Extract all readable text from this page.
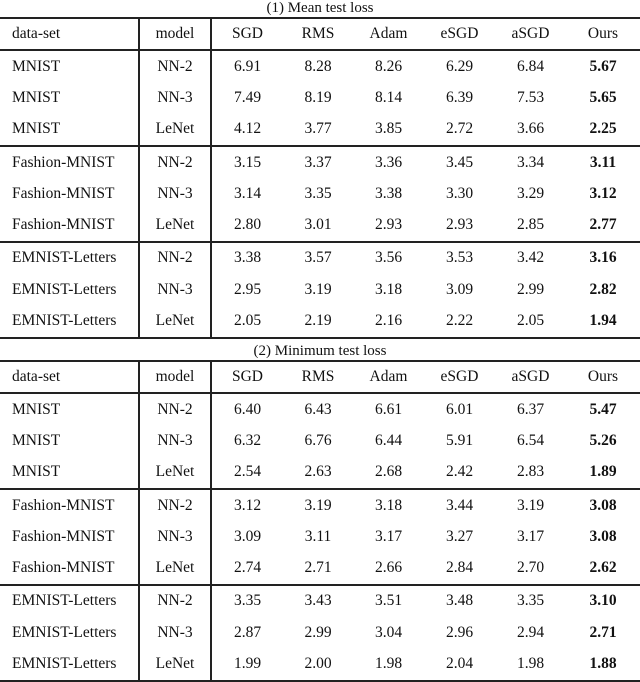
(1) Mean test loss
data-set	model	SGD	RMS	Adam	eSGD	aSGD	Ours
MNIST	NN-2	6.91	8.28	8.26	6.29	6.84	5.67
MNIST	NN-3	7.49	8.19	8.14	6.39	7.53	5.65
MNIST	LeNet	4.12	3.77	3.85	2.72	3.66	2.25
Fashion-MNIST	NN-2	3.15	3.37	3.36	3.45	3.34	3.11
Fashion-MNIST	NN-3	3.14	3.35	3.38	3.30	3.29	3.12
Fashion-MNIST	LeNet	2.80	3.01	2.93	2.93	2.85	2.77
EMNIST-Letters	NN-2	3.38	3.57	3.56	3.53	3.42	3.16
EMNIST-Letters	NN-3	2.95	3.19	3.18	3.09	2.99	2.82
EMNIST-Letters	LeNet	2.05	2.19	2.16	2.22	2.05	1.94
(2) Minimum test loss
data-set	model	SGD	RMS	Adam	eSGD	aSGD	Ours
MNIST	NN-2	6.40	6.43	6.61	6.01	6.37	5.47
MNIST	NN-3	6.32	6.76	6.44	5.91	6.54	5.26
MNIST	LeNet	2.54	2.63	2.68	2.42	2.83	1.89
Fashion-MNIST	NN-2	3.12	3.19	3.18	3.44	3.19	3.08
Fashion-MNIST	NN-3	3.09	3.11	3.17	3.27	3.17	3.08
Fashion-MNIST	LeNet	2.74	2.71	2.66	2.84	2.70	2.62
EMNIST-Letters	NN-2	3.35	3.43	3.51	3.48	3.35	3.10
EMNIST-Letters	NN-3	2.87	2.99	3.04	2.96	2.94	2.71
EMNIST-Letters	LeNet	1.99	2.00	1.98	2.04	1.98	1.88
